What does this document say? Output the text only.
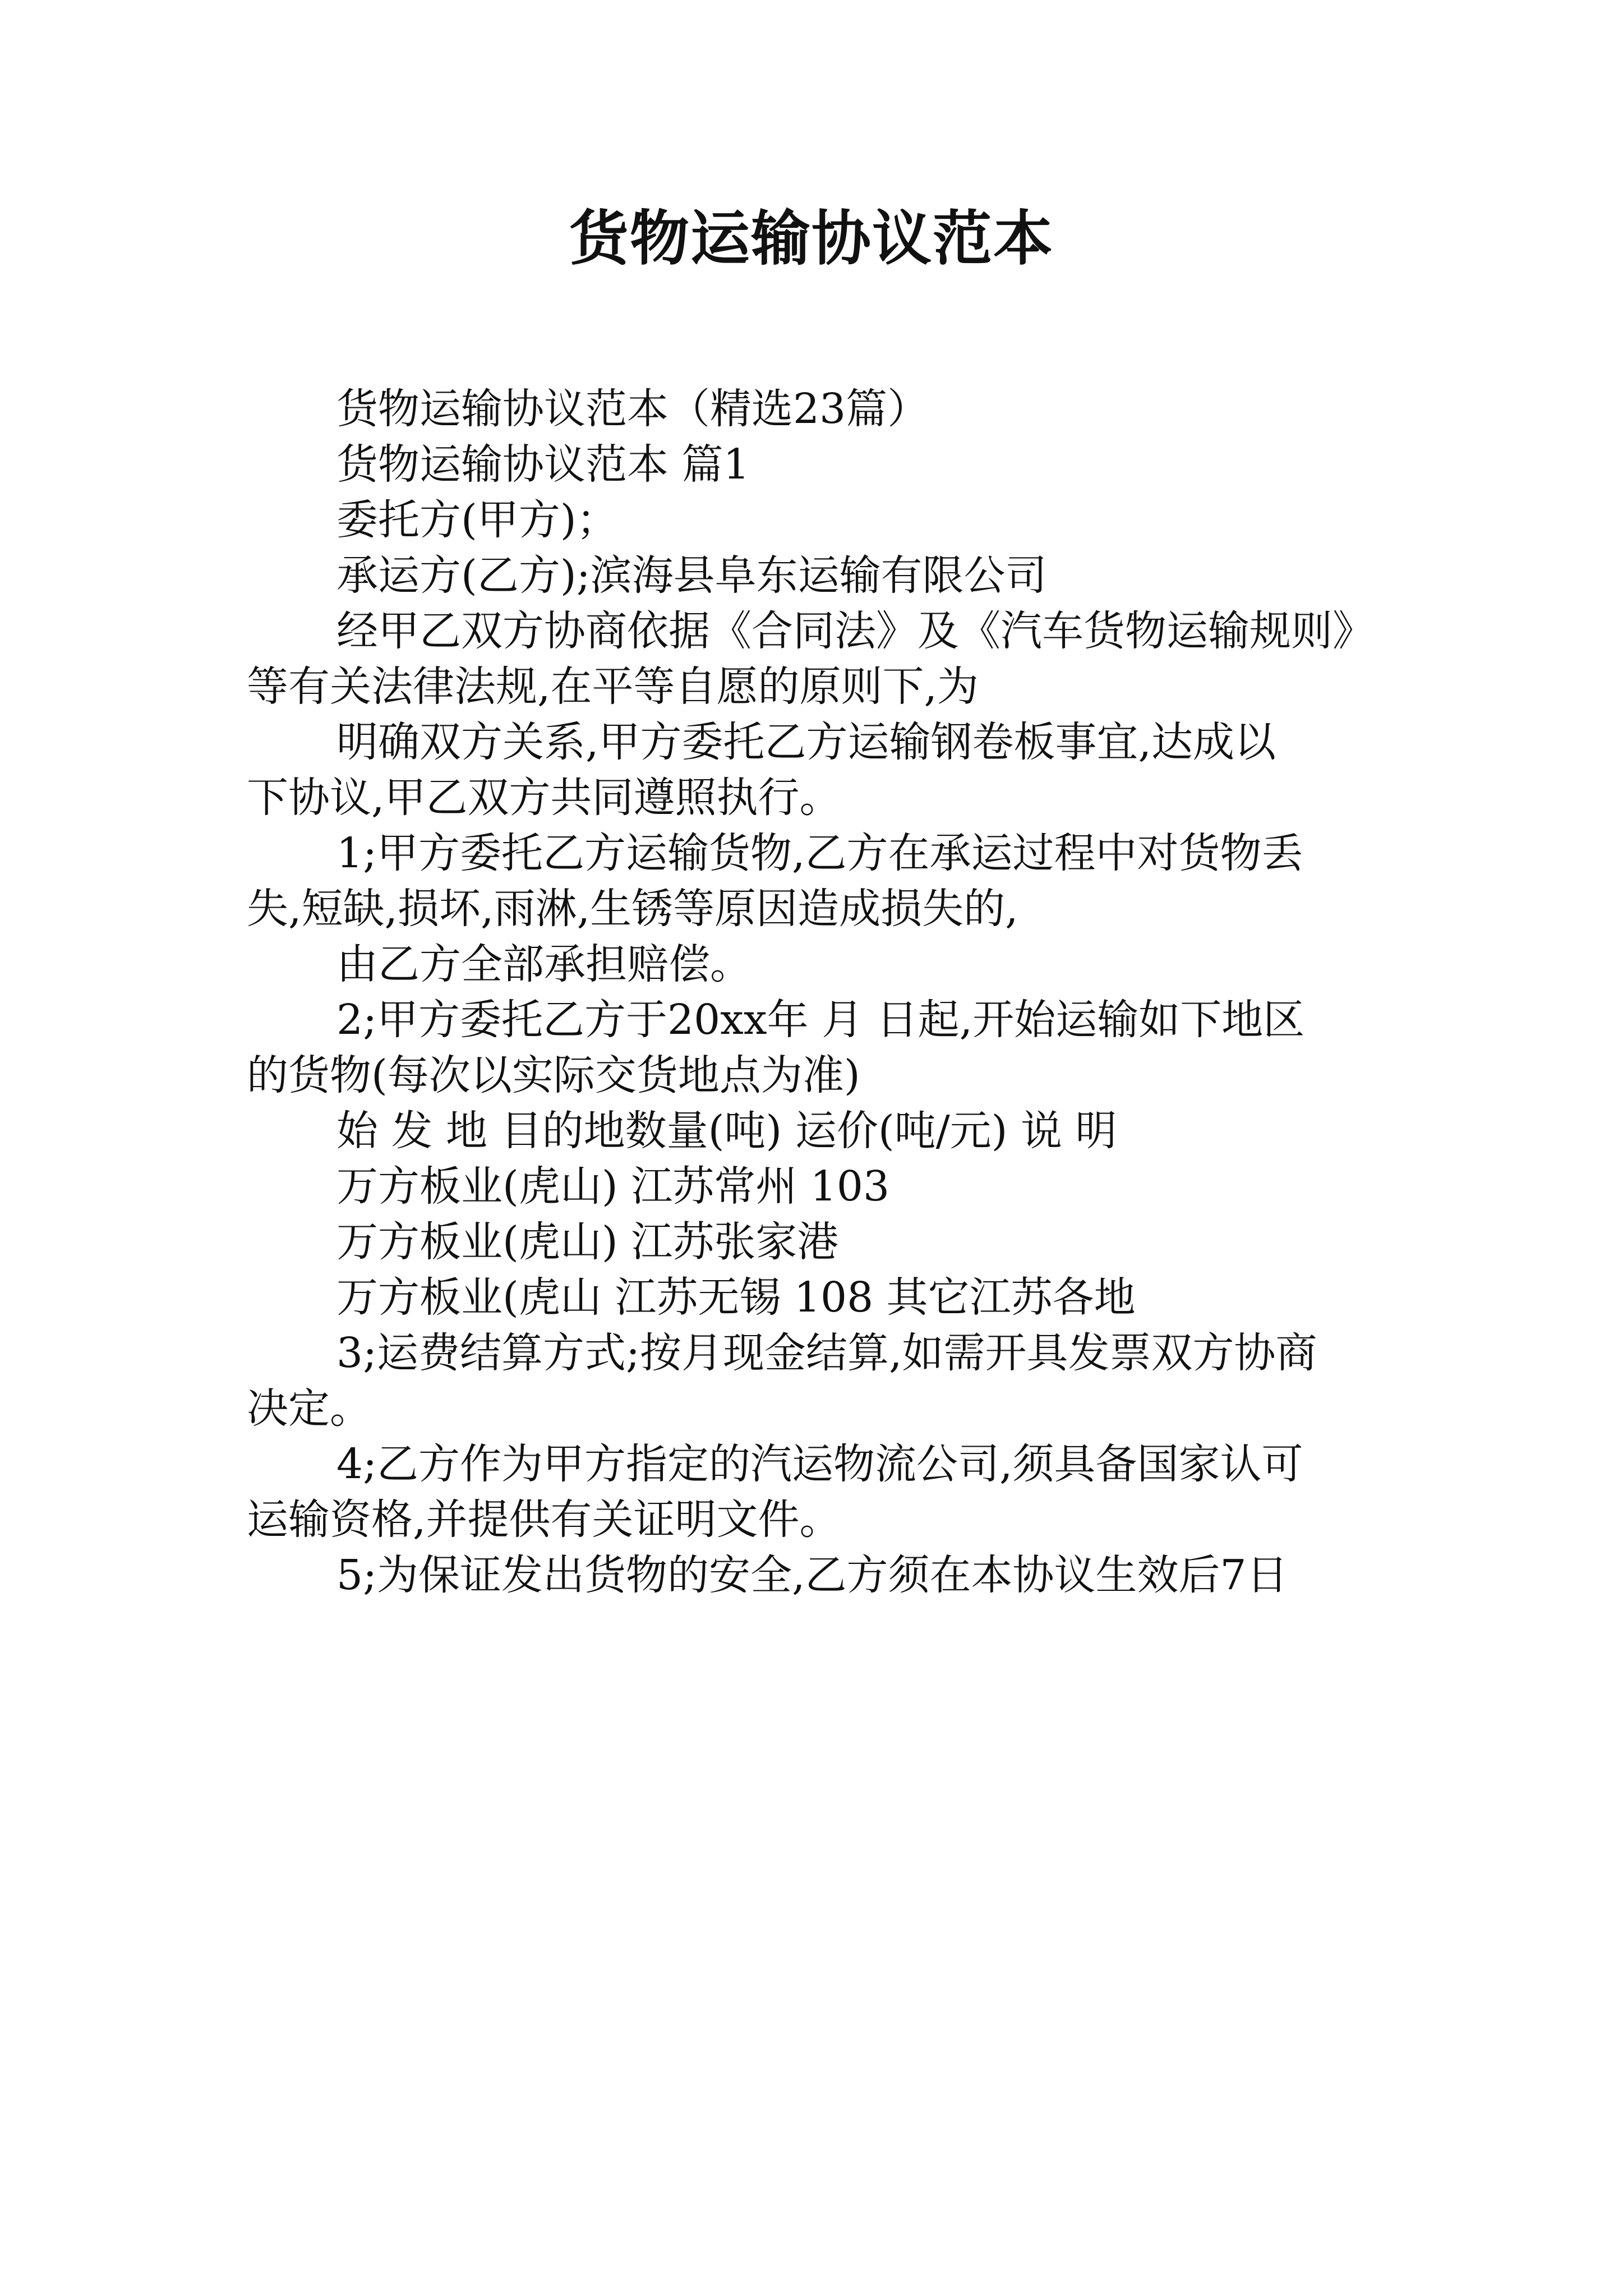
货物运输协议范本
货物运输协议范本（精选23篇）
货物运输协议范本 篇1
委托方(甲方)；
承运方(乙方);滨海县阜东运输有限公司
经甲乙双方协商依据《合同法》及《汽车货物运输规则》
等有关法律法规,在平等自愿的原则下,为
明确双方关系,甲方委托乙方运输钢卷板事宜,达成以
下协议,甲乙双方共同遵照执行。
1;甲方委托乙方运输货物,乙方在承运过程中对货物丢
失,短缺,损坏,雨淋,生锈等原因造成损失的,
由乙方全部承担赔偿。
2;甲方委托乙方于20xx年 月 日起,开始运输如下地区
的货物(每次以实际交货地点为准)
始 发 地 目的地数量(吨) 运价(吨/元) 说 明
万方板业(虎山) 江苏常州 103
万方板业(虎山) 江苏张家港
万方板业(虎山 江苏无锡 108 其它江苏各地
3;运费结算方式;按月现金结算,如需开具发票双方协商
决定。
4;乙方作为甲方指定的汽运物流公司,须具备国家认可
运输资格,并提供有关证明文件。
5;为保证发出货物的安全,乙方须在本协议生效后7日
